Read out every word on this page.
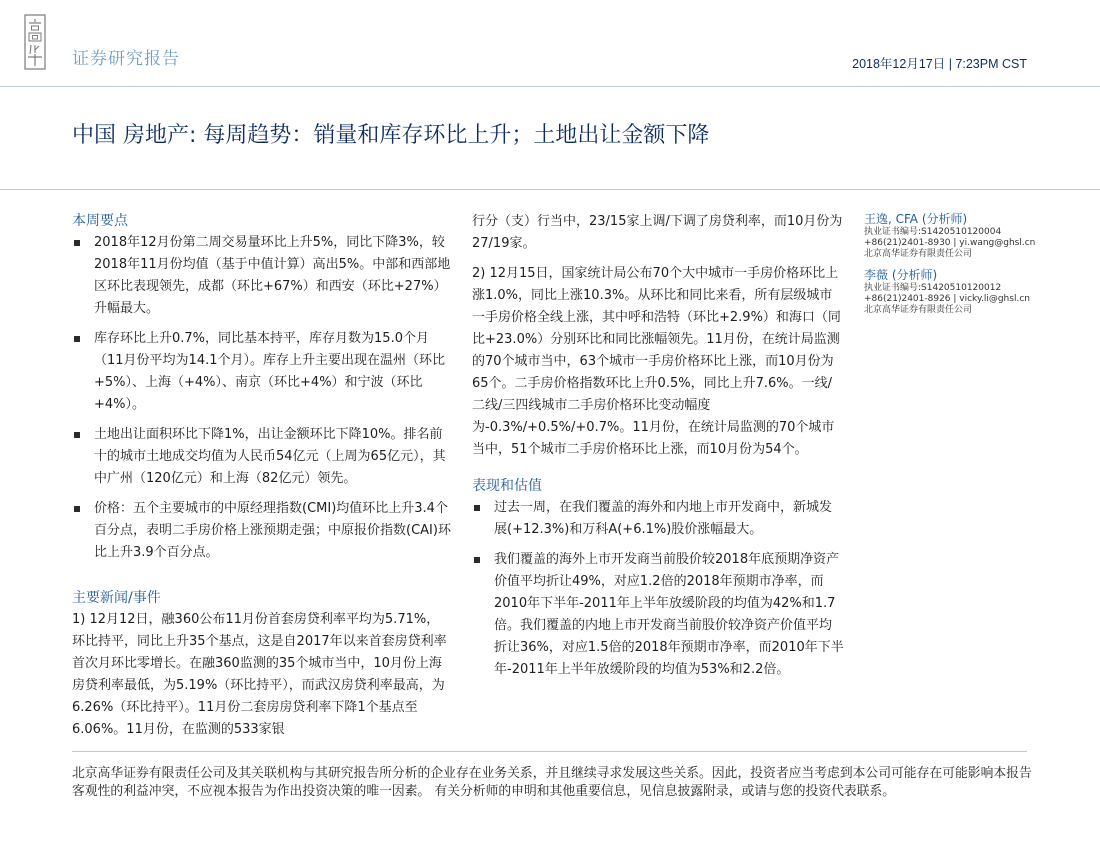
证券研究报告	2018年12月17日 | 7:23PM CST
中国 房地产: 每周趋势：销量和库存环比上升；土地出让金额下降
本周要点
2018年12月份第二周交易量环比上升5%，同比下降3%，较2018年11月份均值（基于中值计算）高出5%。中部和西部地区环比表现领先，成都（环比+67%）和西安（环比+27%）升幅最大。
库存环比上升0.7%，同比基本持平，库存月数为15.0个月（11月份平均为14.1个月）。库存上升主要出现在温州（环比+5%）、上海（+4%）、南京（环比+4%）和宁波（环比+4%）。
土地出让面积环比下降1%，出让金额环比下降10%。排名前十的城市土地成交均值为人民币54亿元（上周为65亿元），其中广州（120亿元）和上海（82亿元）领先。
价格：五个主要城市的中原经理指数(CMI)均值环比上升3.4个百分点，表明二手房价格上涨预期走强；中原报价指数(CAI)环比上升3.9个百分点。
主要新闻/事件

1) 12月12日，融360公布11月份首套房贷利率平均为5.71%，环比持平，同比上升35个基点，这是自2017年以来首套房贷利率首次月环比零增长。在融360监测的35个城市当中，10月份上海房贷利率最低，为5.19%（环比持平），而武汉房贷利率最高，为6.26%（环比持平）。11月份二套房房贷利率下降1个基点至6.06%。11月份，在监测的533家银

行分（支）行当中，23/15家上调/下调了房贷利率，而10月份为27/19家。

2) 12月15日，国家统计局公布70个大中城市一手房价格环比上涨1.0%，同比上涨10.3%。从环比和同比来看，所有层级城市一手房价格全线上涨，其中呼和浩特（环比+2.9%）和海口（同比+23.0%）分别环比和同比涨幅领先。11月份，在统计局监测的70个城市当中，63个城市一手房价格环比上涨，而10月份为65个。二手房价格指数环比上升0.5%，同比上升7.6%。一线/二线/三四线城市二手房价格环比变动幅度为-0.3%/+0.5%/+0.7%。11月份，在统计局监测的70个城市当中，51个城市二手房价格环比上涨，而10月份为54个。

表现和估值
过去一周，在我们覆盖的海外和内地上市开发商中，新城发展(+12.3%)和万科A(+6.1%)股价涨幅最大。
我们覆盖的海外上市开发商当前股价较2018年底预期净资产价值平均折让49%，对应1.2倍的2018年预期市净率，而2010年下半年-2011年上半年放缓阶段的均值为42%和1.7倍。我们覆盖的内地上市开发商当前股价较净资产价值平均折让36%，对应1.5倍的2018年预期市净率，而2010年下半年-2011年上半年放缓阶段的均值为53%和2.2倍。
王逸, CFA (分析师)
执业证书编号:S1420510120004
+86(21)2401-8930 | yi.wang@ghsl.cn
北京高华证券有限责任公司
李薇 (分析师)
执业证书编号:S1420510120012
+86(21)2401-8926 | vicky.li@ghsl.cn
北京高华证券有限责任公司
北京高华证券有限责任公司及其关联机构与其研究报告所分析的企业存在业务关系，并且继续寻求发展这些关系。因此，投资者应当考虑到本公司可能存在可能影响本报告客观性的利益冲突，不应视本报告为作出投资决策的唯一因素。 有关分析师的申明和其他重要信息，见信息披露附录，或请与您的投资代表联系。
